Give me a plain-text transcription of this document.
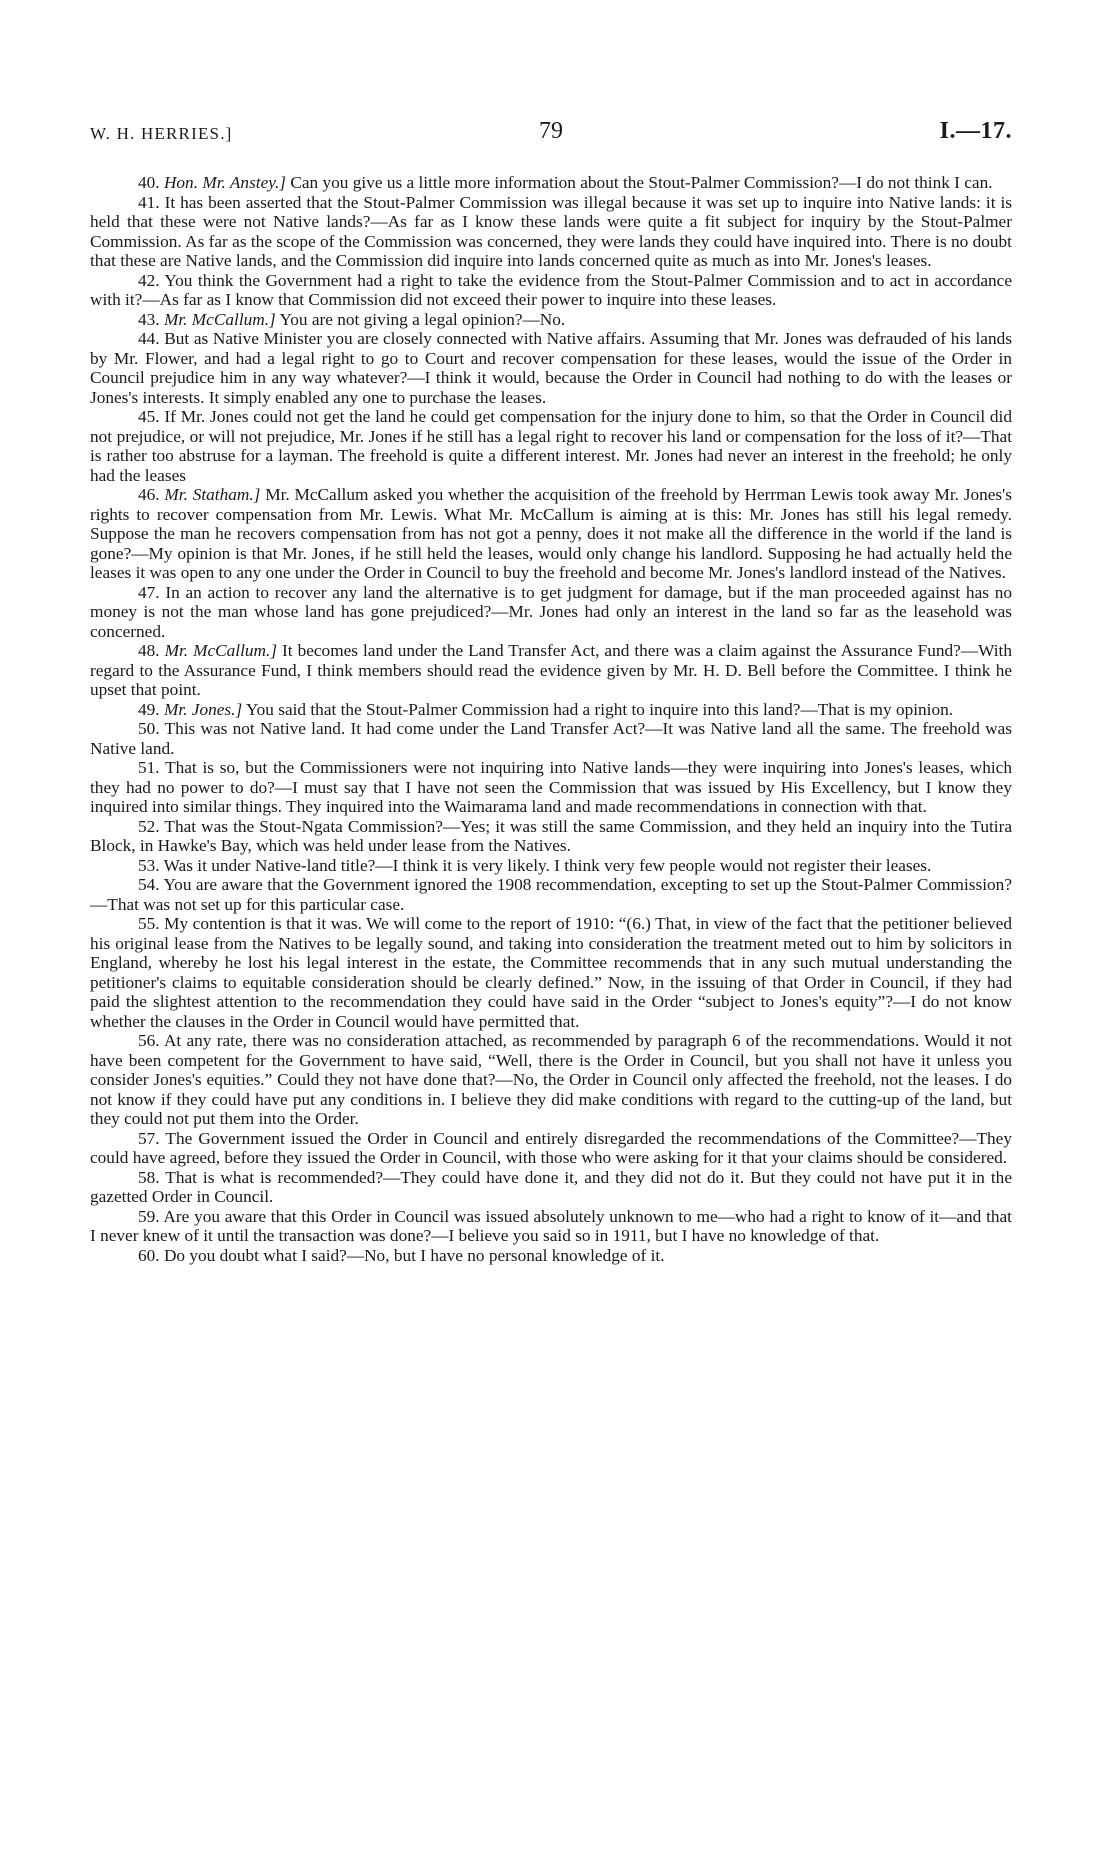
W. H. HERRIES.]	79	I.—17.

40. Hon. Mr. Anstey.] Can you give us a little more information about the Stout-Palmer Commission?—I do not think I can.

41. It has been asserted that the Stout-Palmer Commission was illegal because it was set up to inquire into Native lands: it is held that these were not Native lands?—As far as I know these lands were quite a fit subject for inquiry by the Stout-Palmer Commission. As far as the scope of the Commission was concerned, they were lands they could have inquired into. There is no doubt that these are Native lands, and the Commission did inquire into lands concerned quite as much as into Mr. Jones's leases.

42. You think the Government had a right to take the evidence from the Stout-Palmer Commission and to act in accordance with it?—As far as I know that Commission did not exceed their power to inquire into these leases.

43. Mr. McCallum.] You are not giving a legal opinion?—No.

44. But as Native Minister you are closely connected with Native affairs. Assuming that Mr. Jones was defrauded of his lands by Mr. Flower, and had a legal right to go to Court and recover compensation for these leases, would the issue of the Order in Council prejudice him in any way whatever?—I think it would, because the Order in Council had nothing to do with the leases or Jones's interests. It simply enabled any one to purchase the leases.

45. If Mr. Jones could not get the land he could get compensation for the injury done to him, so that the Order in Council did not prejudice, or will not prejudice, Mr. Jones if he still has a legal right to recover his land or compensation for the loss of it?—That is rather too abstruse for a layman. The freehold is quite a different interest. Mr. Jones had never an interest in the freehold; he only had the leases

46. Mr. Statham.] Mr. McCallum asked you whether the acquisition of the freehold by Herrman Lewis took away Mr. Jones's rights to recover compensation from Mr. Lewis. What Mr. McCallum is aiming at is this: Mr. Jones has still his legal remedy. Suppose the man he recovers compensation from has not got a penny, does it not make all the difference in the world if the land is gone?—My opinion is that Mr. Jones, if he still held the leases, would only change his landlord. Supposing he had actually held the leases it was open to any one under the Order in Council to buy the freehold and become Mr. Jones's landlord instead of the Natives.

47. In an action to recover any land the alternative is to get judgment for damage, but if the man proceeded against has no money is not the man whose land has gone prejudiced?—Mr. Jones had only an interest in the land so far as the leasehold was concerned.

48. Mr. McCallum.] It becomes land under the Land Transfer Act, and there was a claim against the Assurance Fund?—With regard to the Assurance Fund, I think members should read the evidence given by Mr. H. D. Bell before the Committee. I think he upset that point.

49. Mr. Jones.] You said that the Stout-Palmer Commission had a right to inquire into this land?—That is my opinion.

50. This was not Native land. It had come under the Land Transfer Act?—It was Native land all the same. The freehold was Native land.

51. That is so, but the Commissioners were not inquiring into Native lands—they were inquiring into Jones's leases, which they had no power to do?—I must say that I have not seen the Commission that was issued by His Excellency, but I know they inquired into similar things. They inquired into the Waimarama land and made recommendations in connection with that.

52. That was the Stout-Ngata Commission?—Yes; it was still the same Commission, and they held an inquiry into the Tutira Block, in Hawke's Bay, which was held under lease from the Natives.

53. Was it under Native-land title?—I think it is very likely. I think very few people would not register their leases.

54. You are aware that the Government ignored the 1908 recommendation, excepting to set up the Stout-Palmer Commission?—That was not set up for this particular case.

55. My contention is that it was. We will come to the report of 1910: “(6.) That, in view of the fact that the petitioner believed his original lease from the Natives to be legally sound, and taking into consideration the treatment meted out to him by solicitors in England, whereby he lost his legal interest in the estate, the Committee recommends that in any such mutual understanding the petitioner's claims to equitable consideration should be clearly defined.” Now, in the issuing of that Order in Council, if they had paid the slightest attention to the recommendation they could have said in the Order “subject to Jones's equity”?—I do not know whether the clauses in the Order in Council would have permitted that.

56. At any rate, there was no consideration attached, as recommended by paragraph 6 of the recommendations. Would it not have been competent for the Government to have said, “Well, there is the Order in Council, but you shall not have it unless you consider Jones's equities.” Could they not have done that?—No, the Order in Council only affected the freehold, not the leases. I do not know if they could have put any conditions in. I believe they did make conditions with regard to the cutting-up of the land, but they could not put them into the Order.

57. The Government issued the Order in Council and entirely disregarded the recommendations of the Committee?—They could have agreed, before they issued the Order in Council, with those who were asking for it that your claims should be considered.

58. That is what is recommended?—They could have done it, and they did not do it. But they could not have put it in the gazetted Order in Council.

59. Are you aware that this Order in Council was issued absolutely unknown to me—who had a right to know of it—and that I never knew of it until the transaction was done?—I believe you said so in 1911, but I have no knowledge of that.

60. Do you doubt what I said?—No, but I have no personal knowledge of it.
